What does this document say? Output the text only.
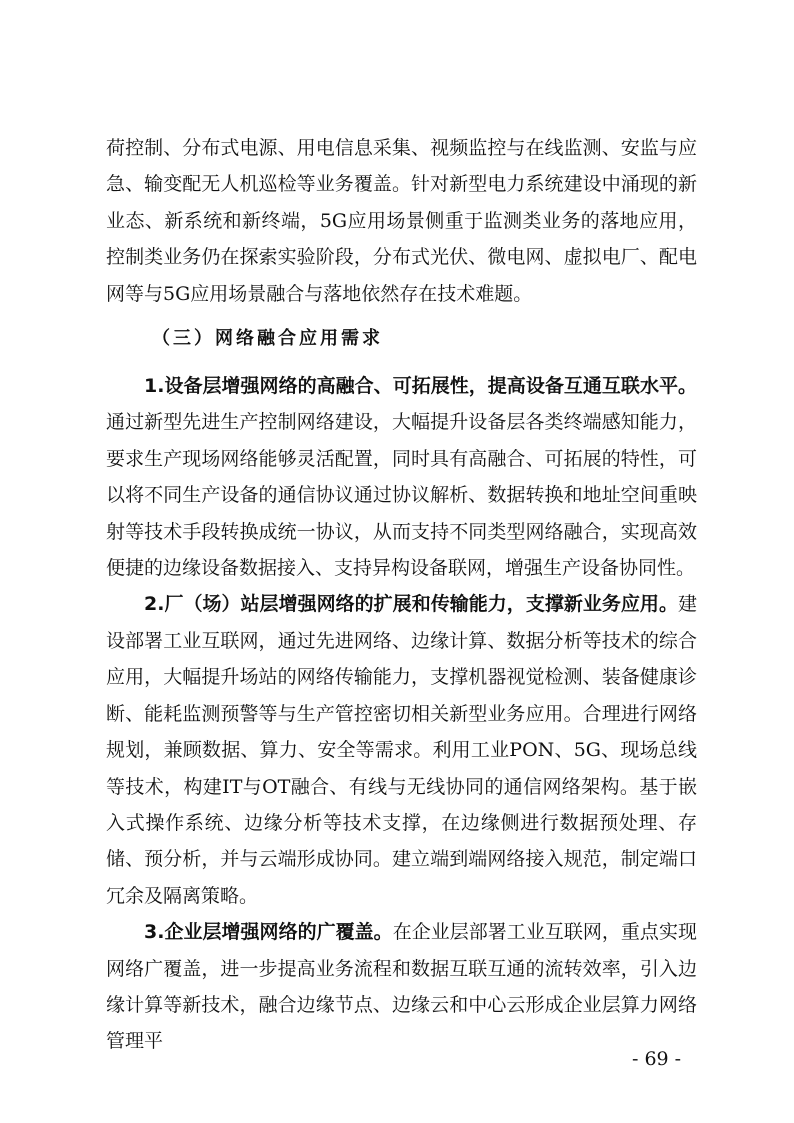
荷控制、分布式电源、用电信息采集、视频监控与在线监测、安监与应急、输变配无人机巡检等业务覆盖。针对新型电力系统建设中涌现的新业态、新系统和新终端，5G应用场景侧重于监测类业务的落地应用，控制类业务仍在探索实验阶段，分布式光伏、微电网、虚拟电厂、配电网等与5G应用场景融合与落地依然存在技术难题。

（三）网络融合应用需求

1.设备层增强网络的高融合、可拓展性，提高设备互通互联水平。通过新型先进生产控制网络建设，大幅提升设备层各类终端感知能力，要求生产现场网络能够灵活配置，同时具有高融合、可拓展的特性，可以将不同生产设备的通信协议通过协议解析、数据转换和地址空间重映射等技术手段转换成统一协议，从而支持不同类型网络融合，实现高效便捷的边缘设备数据接入、支持异构设备联网，增强生产设备协同性。

2.厂（场）站层增强网络的扩展和传输能力，支撑新业务应用。建设部署工业互联网，通过先进网络、边缘计算、数据分析等技术的综合应用，大幅提升场站的网络传输能力，支撑机器视觉检测、装备健康诊断、能耗监测预警等与生产管控密切相关新型业务应用。合理进行网络规划，兼顾数据、算力、安全等需求。利用工业PON、5G、现场总线等技术，构建IT与OT融合、有线与无线协同的通信网络架构。基于嵌入式操作系统、边缘分析等技术支撑，在边缘侧进行数据预处理、存储、预分析，并与云端形成协同。建立端到端网络接入规范，制定端口冗余及隔离策略。

3.企业层增强网络的广覆盖。在企业层部署工业互联网，重点实现网络广覆盖，进一步提高业务流程和数据互联互通的流转效率，引入边缘计算等新技术，融合边缘节点、边缘云和中心云形成企业层算力网络管理平

- 69 -
